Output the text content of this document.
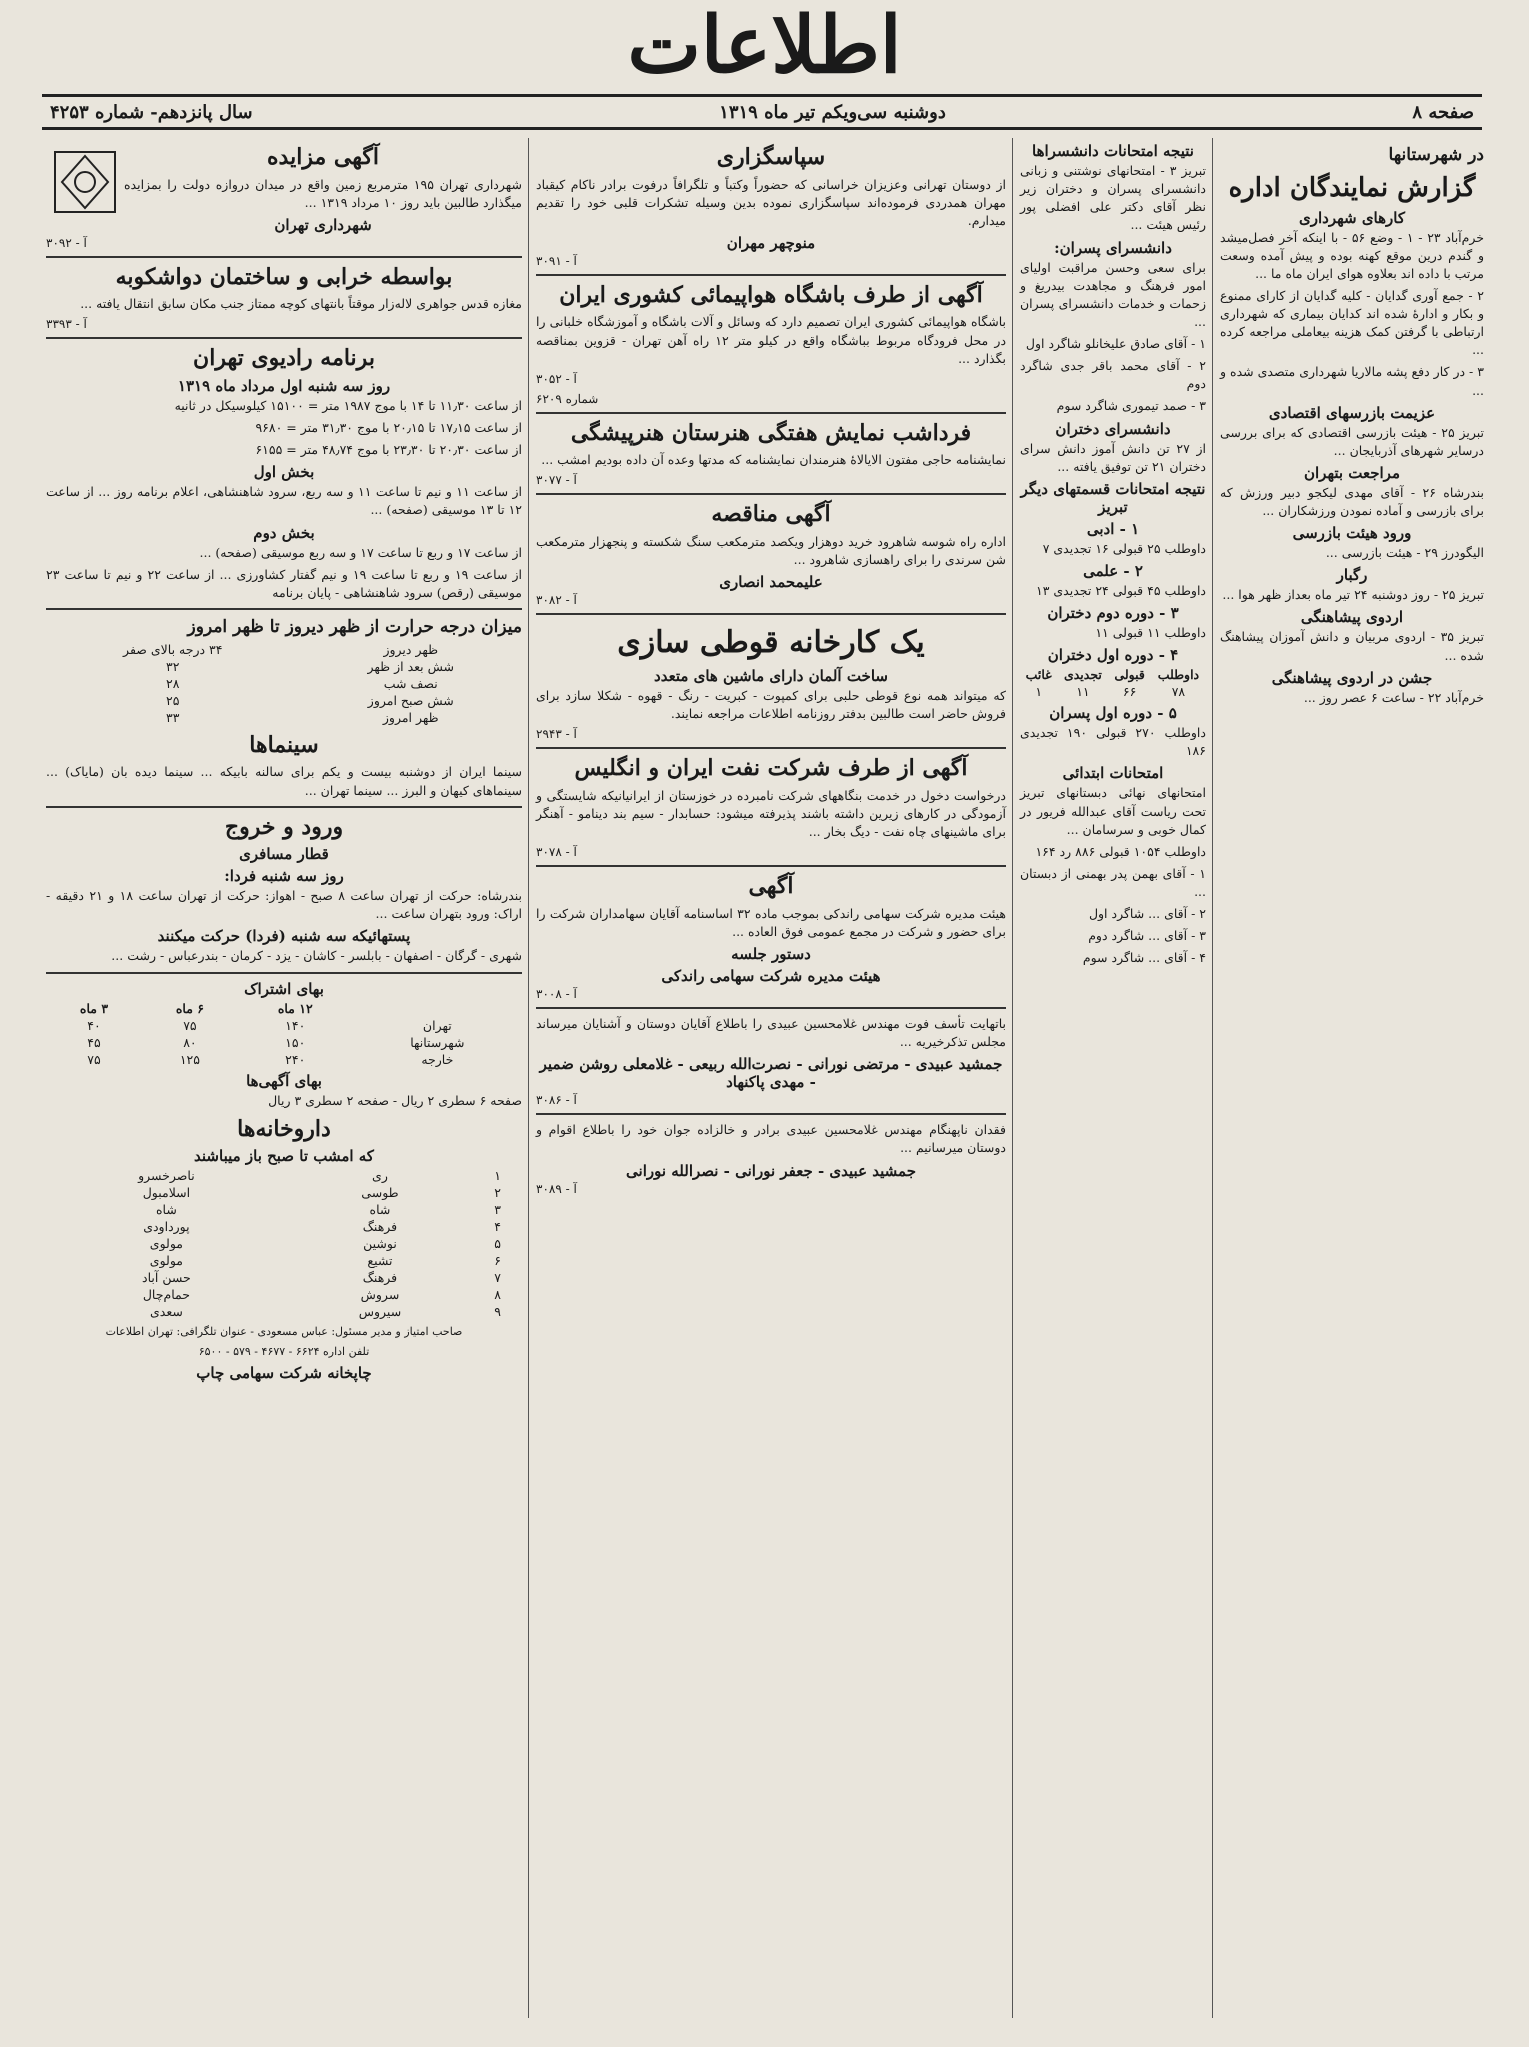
اطلاعات
صفحه ۸
دوشنبه سی‌ویکم تیر ماه ۱۳۱۹
سال پانزدهم- شماره ۴۲۵۳
در شهرستانها
گزارش نمایندگان اداره
کارهای شهرداری

خرم‌آباد ۲۳ - ۱ - وضع ۵۶ - با اینکه آخر فصل‌میشد و گندم درین موقع کهنه بوده و پیش آمده وسعت مرتب با داده اند بعلاوه هوای ایران ماه ما ...

۲ - جمع آوری گدایان - کلیه گدایان از کارای ممنوع و بکار و ادارهٔ شده اند کدایان بیماری که شهرداری ارتباطی با گرفتن کمک هزینه بیعاملی مراجعه کرده ...

۳ - در کار دفع پشه مالاریا شهرداری متصدی شده و ...

عزیمت بازرسهای اقتصادی

تبریز ۲۵ - هیئت بازرسی اقتصادی که برای بررسی درسایر شهرهای آذربایجان ...

مراجعت بتهران

بندرشاه ۲۶ - آقای مهدی لیکجو دبیر ورزش که برای بازرسی و آماده نمودن ورزشکاران ...

ورود هیئت بازرسی

الیگودرز ۲۹ - هیئت بازرسی ...

رگبار

تبریز ۲۵ - روز دوشنبه ۲۴ تیر ماه بعداز ظهر هوا ...

اردوی پیشاهنگی

تبریز ۳۵ - اردوی مربیان و دانش آموزان پیشاهنگ شده ...

جشن در اردوی پیشاهنگی

خرم‌آباد ۲۲ - ساعت ۶ عصر روز ...

نتیجه امتحانات دانشسراها

تبریز ۳ - امتحانهای نوشتنی و زبانی دانشسرای پسران و دختران زیر نظر آقای دکتر علی افضلی پور رئیس هیئت ...

دانشسرای پسران:

برای سعی وحسن مراقبت اولیای امور فرهنگ و مجاهدت بیدریغ و زحمات و خدمات دانشسرای پسران ...

۱ - آقای صادق علیخانلو شاگرد اول

۲ - آقای محمد باقر جدی شاگرد دوم

۳ - صمد تیموری شاگرد سوم

دانشسرای دختران

از ۲۷ تن دانش آموز دانش سرای دختران ۲۱ تن توفیق یافته ...

نتیجه امتحانات قسمتهای دیگر تبریز
۱ - ادبی

داوطلب ۲۵ قبولی ۱۶ تجدیدی ۷

۲ - علمی

داوطلب ۴۵ قبولی ۲۴ تجدیدی ۱۳

۳ - دوره دوم دختران

داوطلب ۱۱ قبولی ۱۱

۴ - دوره اول دختران
داوطلب	قبولی	تجدیدی	غائب
۷۸	۶۶	۱۱	۱
۵ - دوره اول پسران

داوطلب ۲۷۰ قبولی ۱۹۰ تجدیدی ۱۸۶

امتحانات ابتدائی

امتحانهای نهائی دبستانهای تبریز تحت ریاست آقای عبدالله فریور در کمال خوبی و سرسامان ...

داوطلب ۱۰۵۴ قبولی ۸۸۶ رد ۱۶۴

۱ - آقای بهمن پدر بهمنی از دبستان ...

۲ - آقای ... شاگرد اول

۳ - آقای ... شاگرد دوم

۴ - آقای ... شاگرد سوم

سپاسگزاری

از دوستان تهرانی وعزیزان خراسانی که حضوراً وکتباً و تلگرافاً درفوت برادر ناکام کیقباد مهران همدردی فرموده‌اند سپاسگزاری نموده بدین وسیله تشکرات قلبی خود را تقدیم میدارم.

منوچهر مهران
آ - ۳۰۹۱
آگهی از طرف باشگاه هواپیمائی کشوری ایران

باشگاه هواپیمائی کشوری ایران تصمیم دارد که وسائل و آلات باشگاه و آموزشگاه خلبانی را در محل فرودگاه مربوط بباشگاه واقع در کیلو متر ۱۲ راه آهن تهران - قزوین بمناقصه بگذارد ...

آ - ۳۰۵۲
شماره ۶۲۰۹
فرداشب نمایش هفتگی هنرستان هنرپیشگی

نمایشنامه حاجی مفتون الایالاهٔ هنرمندان نمایشنامه که مدتها وعده آن داده بودیم امشب ...

آ - ۳۰۷۷
آگهی مناقصه

اداره راه شوسه شاهرود خرید دوهزار ویکصد مترمکعب سنگ شکسته و پنجهزار مترمکعب شن سرندی را برای راهسازی شاهرود ...

علیمحمد انصاری
آ - ۳۰۸۲
یک کارخانه قوطی سازی
ساخت آلمان دارای ماشین های متعدد

که میتواند همه نوع قوطی حلبی برای کمپوت - کبریت - رنگ - قهوه - شکلا سازد برای فروش حاضر است طالبین بدفتر روزنامه اطلاعات مراجعه نمایند.

آ - ۲۹۴۳
آگهی از طرف شرکت نفت ایران و انگلیس

درخواست دخول در خدمت بنگاههای شرکت نامبرده در خوزستان از ایرانیانیکه شایستگی و آزمودگی در کارهای زیرین داشته باشند پذیرفته میشود: حسابدار - سیم بند دینامو - آهنگر برای ماشینهای چاه نفت - دیگ بخار ...

آ - ۳۰۷۸
آگهی

هیئت مدیره شرکت سهامی راندکی بموجب ماده ۳۲ اساسنامه آقایان سهامداران شرکت را برای حضور و شرکت در مجمع عمومی فوق العاده ...

دستور جلسه
هیئت مدیره شرکت سهامی راندکی
آ - ۳۰۰۸

باتهایت تأسف فوت مهندس غلامحسین عبیدی را باطلاع آقایان دوستان و آشنایان میرساند مجلس تذکرخیریه ...

جمشید عبیدی - مرتضی نورانی - نصرت‌الله ربیعی - غلامعلی روشن ضمیر - مهدی پاکنهاد
آ - ۳۰۸۶

فقدان ناپهنگام مهندس غلامحسین عبیدی برادر و خالزاده جوان خود را باطلاع اقوام و دوستان میرسانیم ...

جمشید عبیدی - جعفر نورانی - نصرالله نورانی
آ - ۳۰۸۹
آگهی مزایده

شهرداری تهران ۱۹۵ مترمربع زمین واقع در میدان دروازه دولت را بمزایده میگذارد طالبین باید روز ۱۰ مرداد ۱۳۱۹ ...

شهرداری تهران
آ - ۳۰۹۲
بواسطه خرابی و ساختمان دواشکوبه

مغازه قدس جواهری لاله‌زار موقتاً بانتهای کوچه ممتاز جنب مکان سابق انتقال یافته ...

آ - ۳۳۹۳
برنامه رادیوی تهران
روز سه شنبه اول مرداد ماه ۱۳۱۹

از ساعت ۱۱٫۳۰ تا ۱۴ با موج ۱۹۸۷ متر = ۱۵۱۰۰ کیلوسیکل در ثانیه

از ساعت ۱۷٫۱۵ تا ۲۰٫۱۵ با موج ۳۱٫۳۰ متر = ۹۶۸۰

از ساعت ۲۰٫۳۰ تا ۲۳٫۳۰ با موج ۴۸٫۷۴ متر = ۶۱۵۵

بخش اول

از ساعت ۱۱ و نیم تا ساعت ۱۱ و سه ربع، سرود شاهنشاهی، اعلام برنامه روز ... از ساعت ۱۲ تا ۱۳ موسیقی (صفحه) ...

بخش دوم

از ساعت ۱۷ و ربع تا ساعت ۱۷ و سه ربع موسیقی (صفحه) ...

از ساعت ۱۹ و ربع تا ساعت ۱۹ و نیم گفتار کشاورزی ... از ساعت ۲۲ و نیم تا ساعت ۲۳ موسیقی (رقص) سرود شاهنشاهی - پایان برنامه

میزان درجه حرارت از ظهر دیروز تا ظهر امروز
ظهر دیروز	۳۴ درجه بالای صفر
شش بعد از ظهر	۳۲
نصف شب	۲۸
شش صبح امروز	۲۵
ظهر امروز	۳۳
سینماها

سینما ایران از دوشنبه بیست و یکم برای سالنه بابیکه ... سینما دیده بان (مایاک) ... سینماهای کیهان و البرز ... سینما تهران ...

ورود و خروج
قطار مسافری
روز سه شنبه فردا:

بندرشاه: حرکت از تهران ساعت ۸ صبح - اهواز: حرکت از تهران ساعت ۱۸ و ۲۱ دقیقه - اراک: ورود بتهران ساعت ...

پستهائیکه سه شنبه (فردا) حرکت میکنند

شهری - گرگان - اصفهان - بابلسر - کاشان - یزد - کرمان - بندرعباس - رشت ...

بهای اشتراک
	۱۲ ماه	۶ ماه	۳ ماه
تهران	۱۴۰	۷۵	۴۰
شهرستانها	۱۵۰	۸۰	۴۵
خارجه	۲۴۰	۱۲۵	۷۵
بهای آگهی‌ها

صفحه ۶ سطری ۲ ریال - صفحه ۲ سطری ۳ ریال

داروخانه‌ها
که امشب تا صبح باز میباشند
۱	ری	ناصرخسرو
۲	طوسی	اسلامبول
۳	شاه	شاه
۴	فرهنگ	پورداودی
۵	نوشین	مولوی
۶	تشیع	مولوی
۷	فرهنگ	حسن آباد
۸	سروش	حمام‌چال
۹	سیروس	سعدی

صاحب امتیاز و مدیر مسئول: عباس مسعودی - عنوان تلگرافی: تهران اطلاعات

تلفن اداره ۶۶۲۴ - ۴۶۷۷ - ۵۷۹ - ۶۵۰۰

چاپخانه شرکت سهامی چاپ
